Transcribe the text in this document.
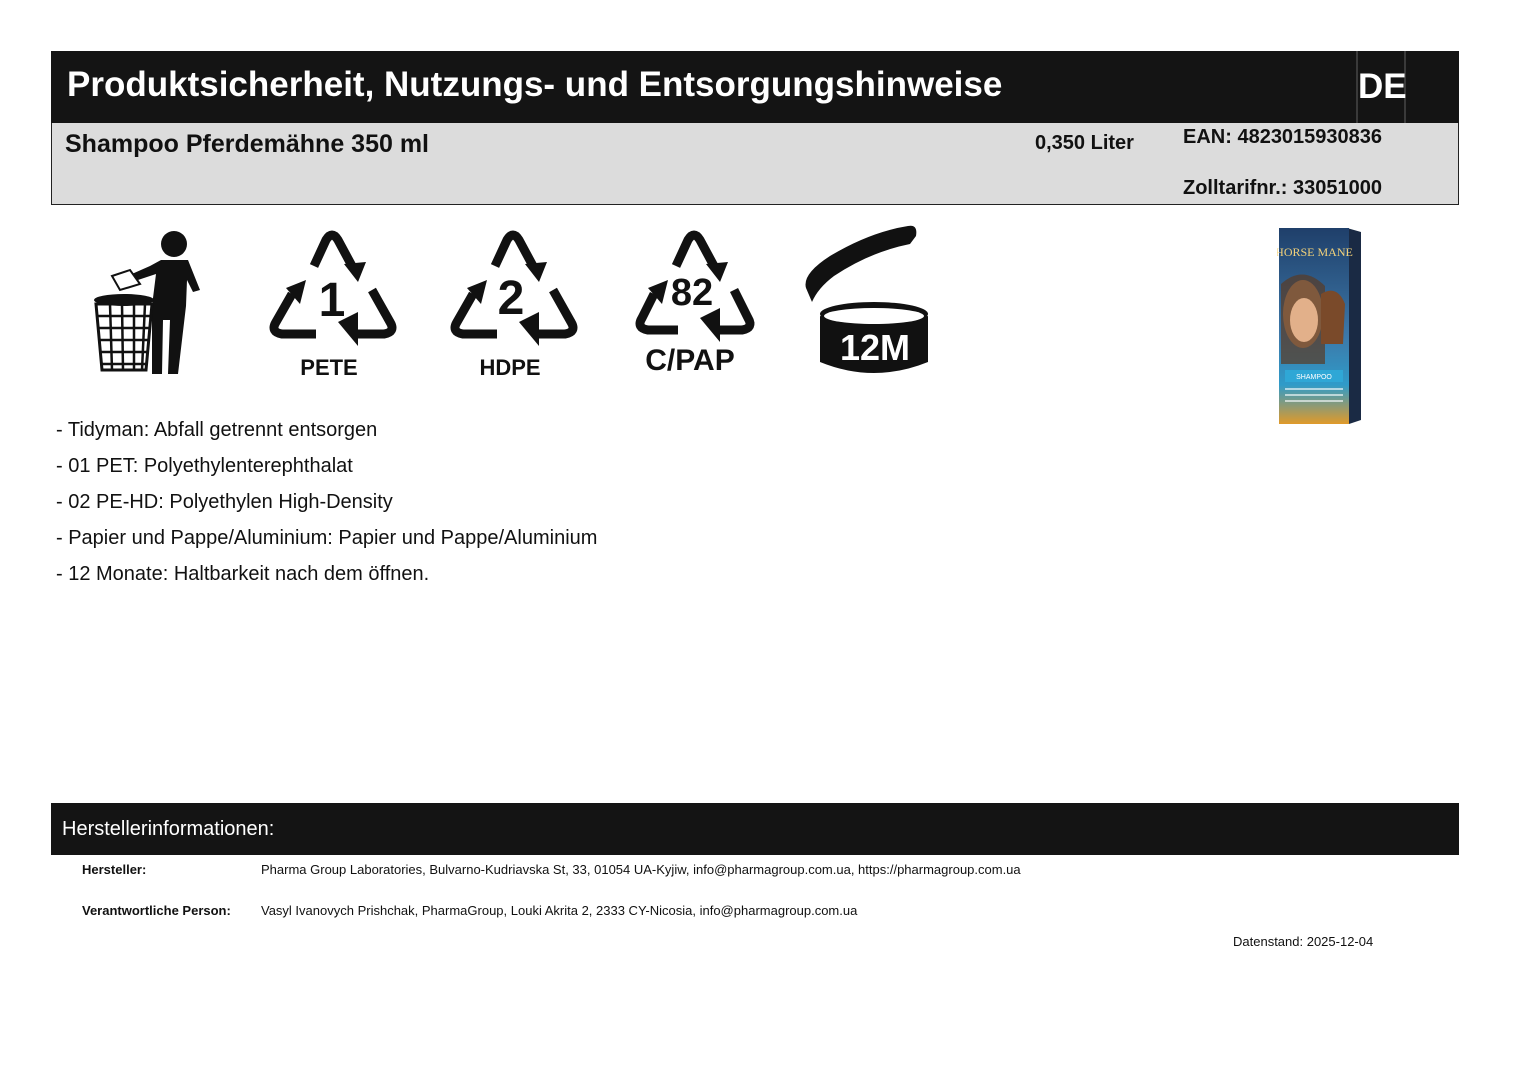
Produktsicherheit, Nutzungs- und Entsorgungshinweise	DE
Shampoo Pferdemähne 350 ml	0,350 Liter EAN: 4823015930836
Zolltarifnr.: 33051000
1
PETE
2
HDPE
82
C/PAP	12M
HORSE MANE
SHAMPOO
- Tidyman: Abfall getrennt entsorgen
- 01 PET: Polyethylenterephthalat
- 02 PE-HD: Polyethylen High-Density
- Papier und Pappe/Aluminium: Papier und Pappe/Aluminium
- 12 Monate: Haltbarkeit nach dem öffnen.
Herstellerinformationen:
Hersteller:	Pharma Group Laboratories, Bulvarno-Kudriavska St, 33, 01054 UA-Kyjiw, info@pharmagroup.com.ua, https://pharmagroup.com.ua
Verantwortliche Person: Vasyl Ivanovych Prishchak, PharmaGroup, Louki Akrita 2, 2333 CY-Nicosia, info@pharmagroup.com.ua
Datenstand: 2025-12-04
